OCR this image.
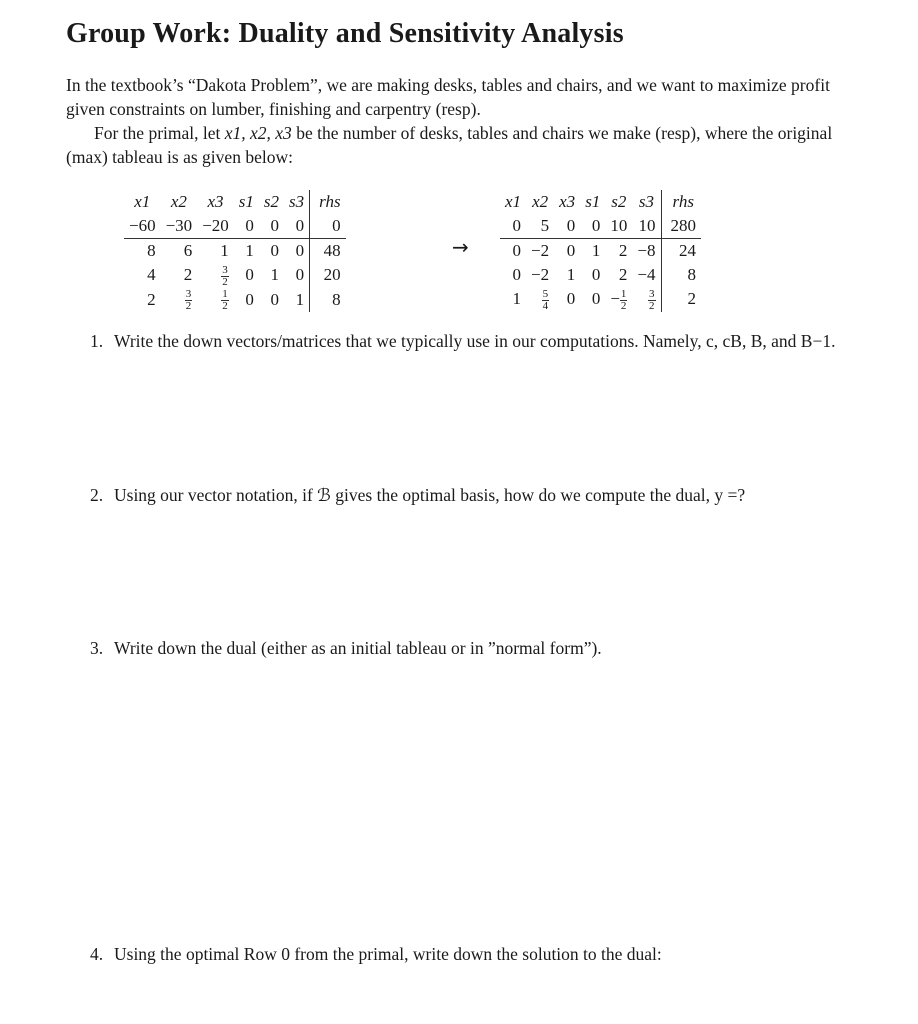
Group Work: Duality and Sensitivity Analysis
In the textbook’s “Dakota Problem”, we are making desks, tables and chairs, and we want to maximize profit given constraints on lumber, finishing and carpentry (resp).
For the primal, let x1, x2, x3 be the number of desks, tables and chairs we make (resp), where the original (max) tableau is as given below:
x1	x2	x3	s1	s2	s3	rhs
−60	−30	−20	0	0	0	0
8	6	1	1	0	0	48
4	2	$\frac{3}{2}$	0	1	0	20
2	$\frac{3}{2}$	$\frac{1}{2}$	0	0	1	8
→
x1	x2	x3	s1	s2	s3	rhs
0	5	0	0	10	10	280
0	−2	0	1	2	−8	24
0	−2	1	0	2	−4	8
1	$\frac{5}{4}$	0	0	− $\frac{1}{2}$	$\frac{3}{2}$	2
1. Write the down vectors/matrices that we typically use in our computations. Namely, c, cB, B, and B−1.
2. Using our vector notation, if ℬ gives the optimal basis, how do we compute the dual, y =?
3. Write down the dual (either as an initial tableau or in ”normal form”).
4. Using the optimal Row 0 from the primal, write down the solution to the dual:
